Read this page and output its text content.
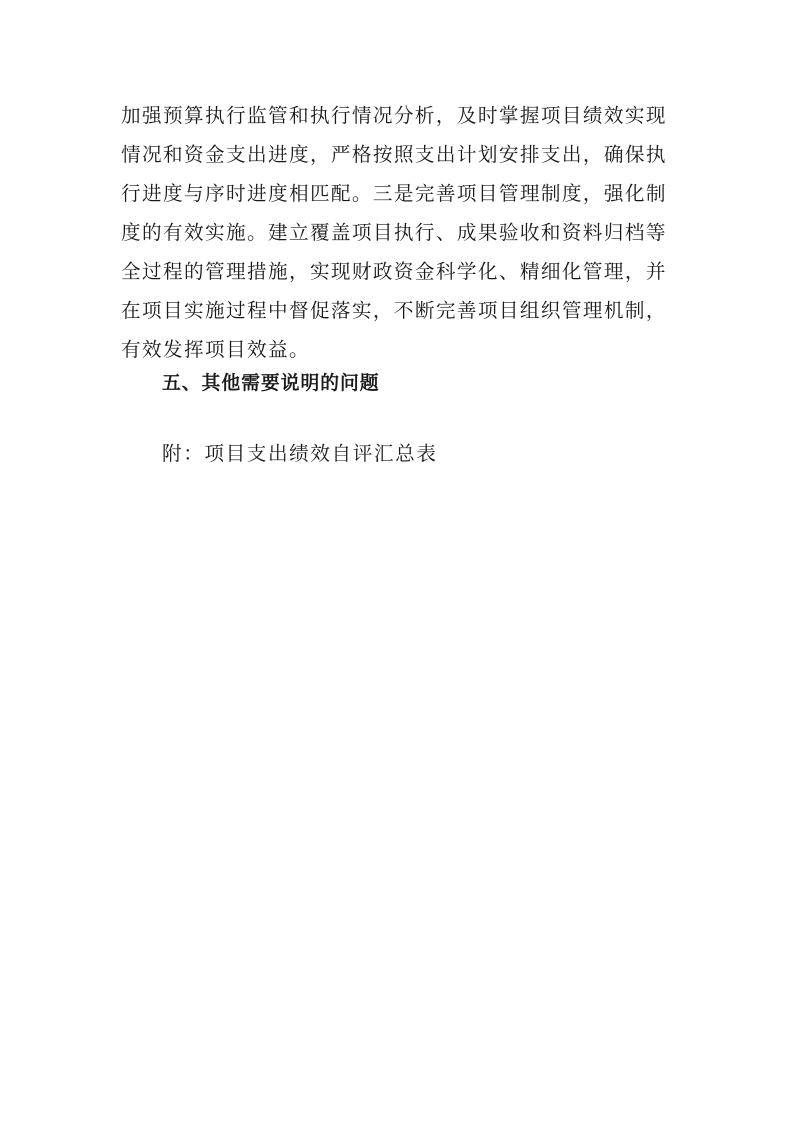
加强预算执行监管和执行情况分析，及时掌握项目绩效实现
情况和资金支出进度，严格按照支出计划安排支出，确保执
行进度与序时进度相匹配。三是完善项目管理制度，强化制
度的有效实施。建立覆盖项目执行、成果验收和资料归档等
全过程的管理措施，实现财政资金科学化、精细化管理，并
在项目实施过程中督促落实，不断完善项目组织管理机制，
有效发挥项目效益。
五、其他需要说明的问题
附：项目支出绩效自评汇总表
